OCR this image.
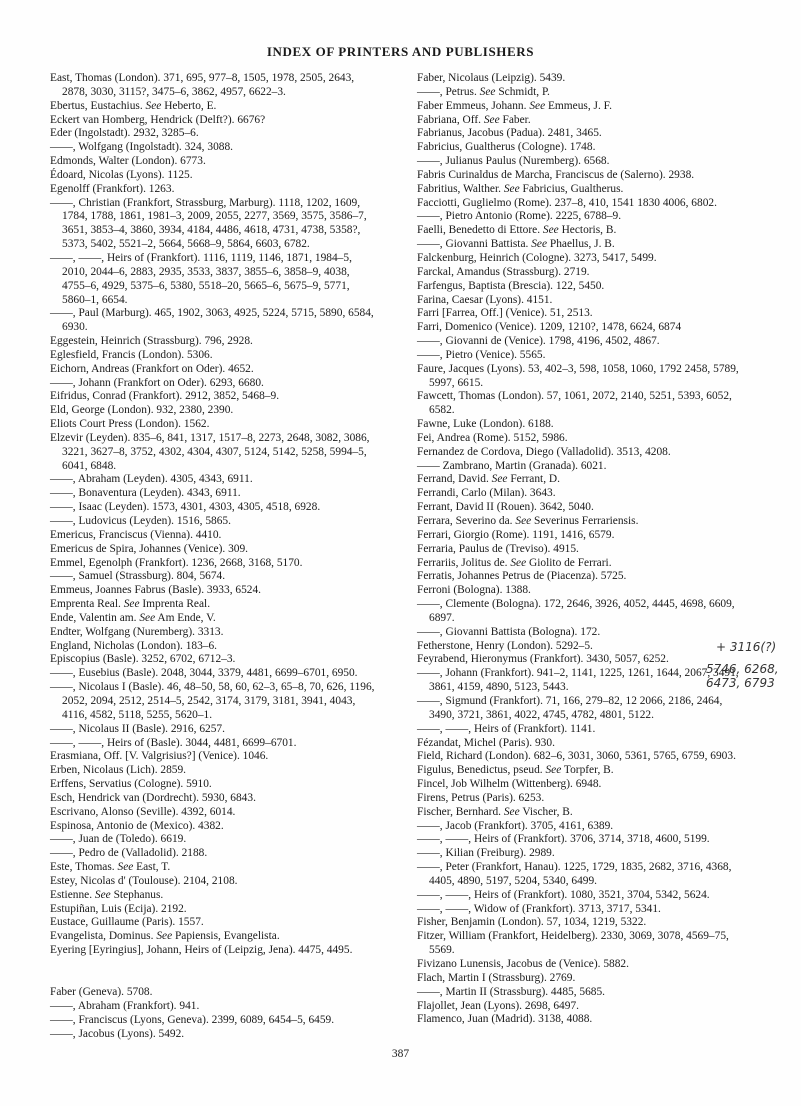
INDEX OF PRINTERS AND PUBLISHERS
East, Thomas (London). 371, 695, 977–8, 1505, 1978, 2505, 2643, 2878, 3030, 3115?, 3475–6, 3862, 4957, 6622–3.
Ebertus, Eustachius. See Heberto, E.
Eckert van Homberg, Hendrick (Delft?). 6676?
Eder (Ingolstadt). 2932, 3285–6.
——, Wolfgang (Ingolstadt). 324, 3088.
Edmonds, Walter (London). 6773.
Édoard, Nicolas (Lyons). 1125.
Egenolff (Frankfort). 1263.
——, Christian (Frankfort, Strassburg, Marburg). 1118, 1202, 1609, 1784, 1788, 1861, 1981–3, 2009, 2055, 2277, 3569, 3575, 3586–7, 3651, 3853–4, 3860, 3934, 4184, 4486, 4618, 4731, 4738, 5358?, 5373, 5402, 5521–2, 5664, 5668–9, 5864, 6603, 6782.
——, ——, Heirs of (Frankfort). 1116, 1119, 1146, 1871, 1984–5, 2010, 2044–6, 2883, 2935, 3533, 3837, 3855–6, 3858–9, 4038, 4755–6, 4929, 5375–6, 5380, 5518–20, 5665–6, 5675–9, 5771, 5860–1, 6654.
——, Paul (Marburg). 465, 1902, 3063, 4925, 5224, 5715, 5890, 6584, 6930.
Eggestein, Heinrich (Strassburg). 796, 2928.
Eglesfield, Francis (London). 5306.
Eichorn, Andreas (Frankfort on Oder). 4652.
——, Johann (Frankfort on Oder). 6293, 6680.
Eifridus, Conrad (Frankfort). 2912, 3852, 5468–9.
Eld, George (London). 932, 2380, 2390.
Eliots Court Press (London). 1562.
Elzevir (Leyden). 835–6, 841, 1317, 1517–8, 2273, 2648, 3082, 3086, 3221, 3627–8, 3752, 4302, 4304, 4307, 5124, 5142, 5258, 5994–5, 6041, 6848.
——, Abraham (Leyden). 4305, 4343, 6911.
——, Bonaventura (Leyden). 4343, 6911.
——, Isaac (Leyden). 1573, 4301, 4303, 4305, 4518, 6928.
——, Ludovicus (Leyden). 1516, 5865.
Emericus, Franciscus (Vienna). 4410.
Emericus de Spira, Johannes (Venice). 309.
Emmel, Egenolph (Frankfort). 1236, 2668, 3168, 5170.
——, Samuel (Strassburg). 804, 5674.
Emmeus, Joannes Fabrus (Basle). 3933, 6524.
Emprenta Real. See Imprenta Real.
Ende, Valentin am. See Am Ende, V.
Endter, Wolfgang (Nuremberg). 3313.
England, Nicholas (London). 183–6.
Episcopius (Basle). 3252, 6702, 6712–3.
——, Eusebius (Basle). 2048, 3044, 3379, 4481, 6699–6701, 6950.
——, Nicolaus I (Basle). 46, 48–50, 58, 60, 62–3, 65–8, 70, 626, 1196, 2052, 2094, 2512, 2514–5, 2542, 3174, 3179, 3181, 3941, 4043, 4116, 4582, 5118, 5255, 5620–1.
——, Nicolaus II (Basle). 2916, 6257.
——, ——, Heirs of (Basle). 3044, 4481, 6699–6701.
Erasmiana, Off. [V. Valgrisius?] (Venice). 1046.
Erben, Nicolaus (Lich). 2859.
Erffens, Servatius (Cologne). 5910.
Esch, Hendrick van (Dordrecht). 5930, 6843.
Escrivano, Alonso (Seville). 4392, 6014.
Espinosa, Antonio de (Mexico). 4382.
——, Juan de (Toledo). 6619.
——, Pedro de (Valladolid). 2188.
Este, Thomas. See East, T.
Estey, Nicolas d' (Toulouse). 2104, 2108.
Estienne. See Stephanus.
Estupiñan, Luis (Ecija). 2192.
Eustace, Guillaume (Paris). 1557.
Evangelista, Dominus. See Papiensis, Evangelista.
Eyering [Eyringius], Johann, Heirs of (Leipzig, Jena). 4475, 4495.
Faber (Geneva). 5708.
——, Abraham (Frankfort). 941.
——, Franciscus (Lyons, Geneva). 2399, 6089, 6454–5, 6459.
——, Jacobus (Lyons). 5492.
Faber, Nicolaus (Leipzig). 5439.
——, Petrus. See Schmidt, P.
Faber Emmeus, Johann. See Emmeus, J. F.
Fabriana, Off. See Faber.
Fabrianus, Jacobus (Padua). 2481, 3465.
Fabricius, Gualtherus (Cologne). 1748.
——, Julianus Paulus (Nuremberg). 6568.
Fabris Curinaldus de Marcha, Franciscus de (Salerno). 2938.
Fabritius, Walther. See Fabricius, Gualtherus.
Facciotti, Guglielmo (Rome). 237–8, 410, 1541 1830 4006, 6802.
——, Pietro Antonio (Rome). 2225, 6788–9.
Faelli, Benedetto di Ettore. See Hectoris, B.
——, Giovanni Battista. See Phaellus, J. B.
Falckenburg, Heinrich (Cologne). 3273, 5417, 5499.
Farckal, Amandus (Strassburg). 2719.
Farfengus, Baptista (Brescia). 122, 5450.
Farina, Caesar (Lyons). 4151.
Farri [Farrea, Off.] (Venice). 51, 2513.
Farri, Domenico (Venice). 1209, 1210?, 1478, 6624, 6874
——, Giovanni de (Venice). 1798, 4196, 4502, 4867.
——, Pietro (Venice). 5565.
Faure, Jacques (Lyons). 53, 402–3, 598, 1058, 1060, 1792 2458, 5789, 5997, 6615.
Fawcett, Thomas (London). 57, 1061, 2072, 2140, 5251, 5393, 6052, 6582.
Fawne, Luke (London). 6188.
Fei, Andrea (Rome). 5152, 5986.
Fernandez de Cordova, Diego (Valladolid). 3513, 4208.
—— Zambrano, Martin (Granada). 6021.
Ferrand, David. See Ferrant, D.
Ferrandi, Carlo (Milan). 3643.
Ferrant, David II (Rouen). 3642, 5040.
Ferrara, Severino da. See Severinus Ferrariensis.
Ferrari, Giorgio (Rome). 1191, 1416, 6579.
Ferraria, Paulus de (Treviso). 4915.
Ferrariis, Jolitus de. See Giolito de Ferrari.
Ferratis, Johannes Petrus de (Piacenza). 5725.
Ferroni (Bologna). 1388.
——, Clemente (Bologna). 172, 2646, 3926, 4052, 4445, 4698, 6609, 6897.
——, Giovanni Battista (Bologna). 172.
Fetherstone, Henry (London). 5292–5.
Feyrabend, Hieronymus (Frankfort). 3430, 5057, 6252.
——, Johann (Frankfort). 941–2, 1141, 1225, 1261, 1644, 2067, 3491, 3861, 4159, 4890, 5123, 5443.
——, Sigmund (Frankfort). 71, 166, 279–82, 12 2066, 2186, 2464, 3490, 3721, 3861, 4022, 4745, 4782, 4801, 5122.
——, ——, Heirs of (Frankfort). 1141.
Fézandat, Michel (Paris). 930.
Field, Richard (London). 682–6, 3031, 3060, 5361, 5765, 6759, 6903.
Figulus, Benedictus, pseud. See Torpfer, B.
Fincel, Job Wilhelm (Wittenberg). 6948.
Firens, Petrus (Paris). 6253.
Fischer, Bernhard. See Vischer, B.
——, Jacob (Frankfort). 3705, 4161, 6389.
——, ——, Heirs of (Frankfort). 3706, 3714, 3718, 4600, 5199.
——, Kilian (Freiburg). 2989.
——, Peter (Frankfort, Hanau). 1225, 1729, 1835, 2682, 3716, 4368, 4405, 4890, 5197, 5204, 5340, 6499.
——, ——, Heirs of (Frankfort). 1080, 3521, 3704, 5342, 5624.
——, ——, Widow of (Frankfort). 3713, 3717, 5341.
Fisher, Benjamin (London). 57, 1034, 1219, 5322.
Fitzer, William (Frankfort, Heidelberg). 2330, 3069, 3078, 4569–75, 5569.
Fivizano Lunensis, Jacobus de (Venice). 5882.
Flach, Martin I (Strassburg). 2769.
——, Martin II (Strassburg). 4485, 5685.
Flajollet, Jean (Lyons). 2698, 6497.
Flamenco, Juan (Madrid). 3138, 4088.
+ 3116(?)
5746, 6268,
6473, 6793
387
